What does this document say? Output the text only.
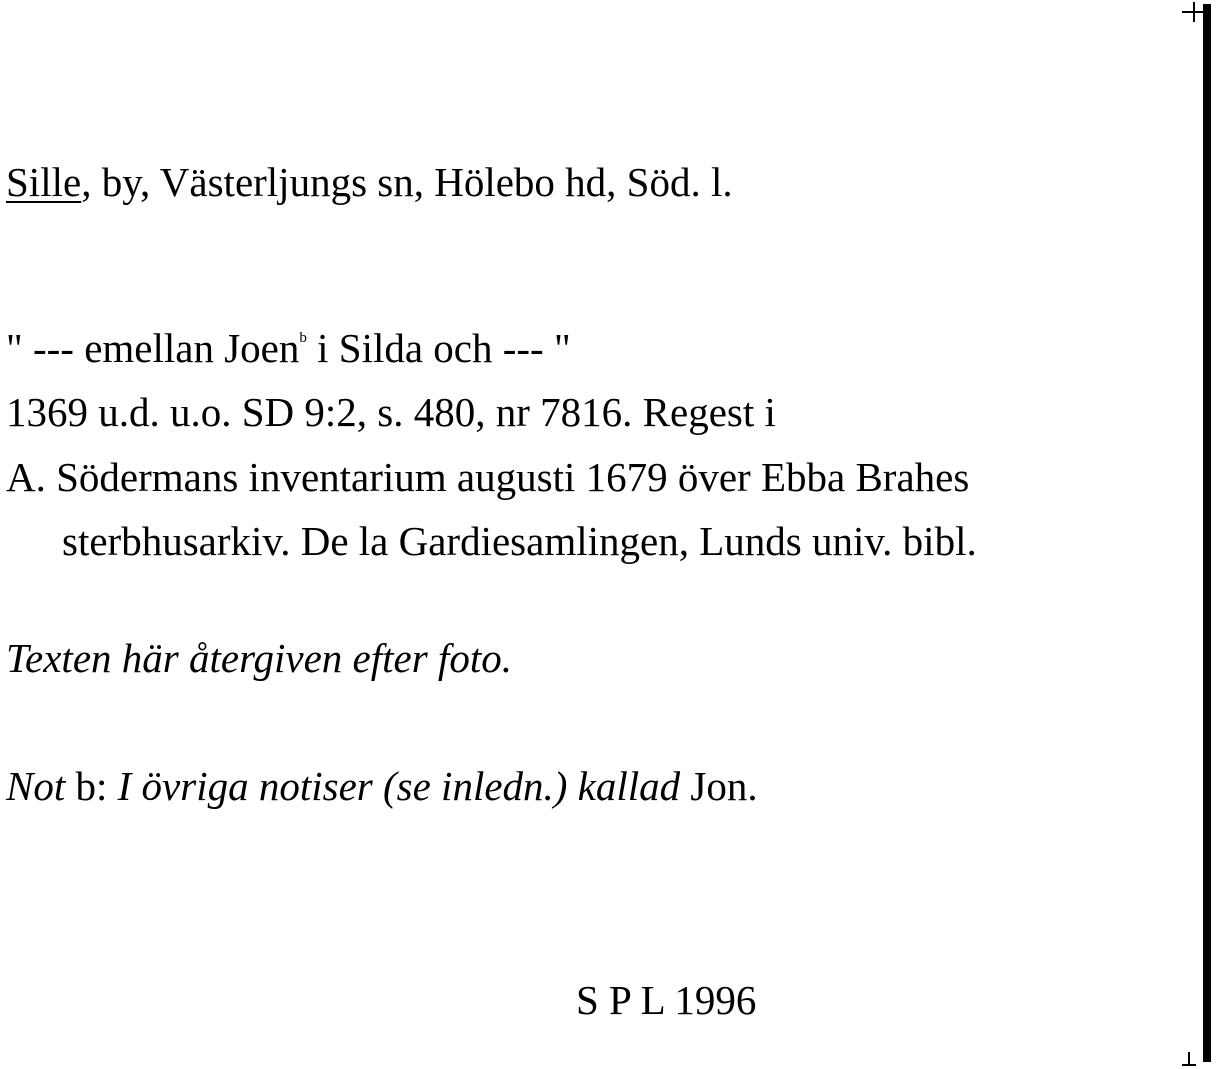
Sille, by, Västerljungs sn, Hölebo hd, Söd. l.
" --- emellan Joen$^b$ i Silda och --- "
1369 u.d. u.o. SD 9:2, s. 480, nr 7816. Regest i
A. Södermans inventarium augusti 1679 över Ebba Brahes
sterbhusarkiv. De la Gardiesamlingen, Lunds univ. bibl.
Texten här återgiven efter foto.
Not b: I övriga notiser (se inledn.) kallad Jon.
S P L 1996
